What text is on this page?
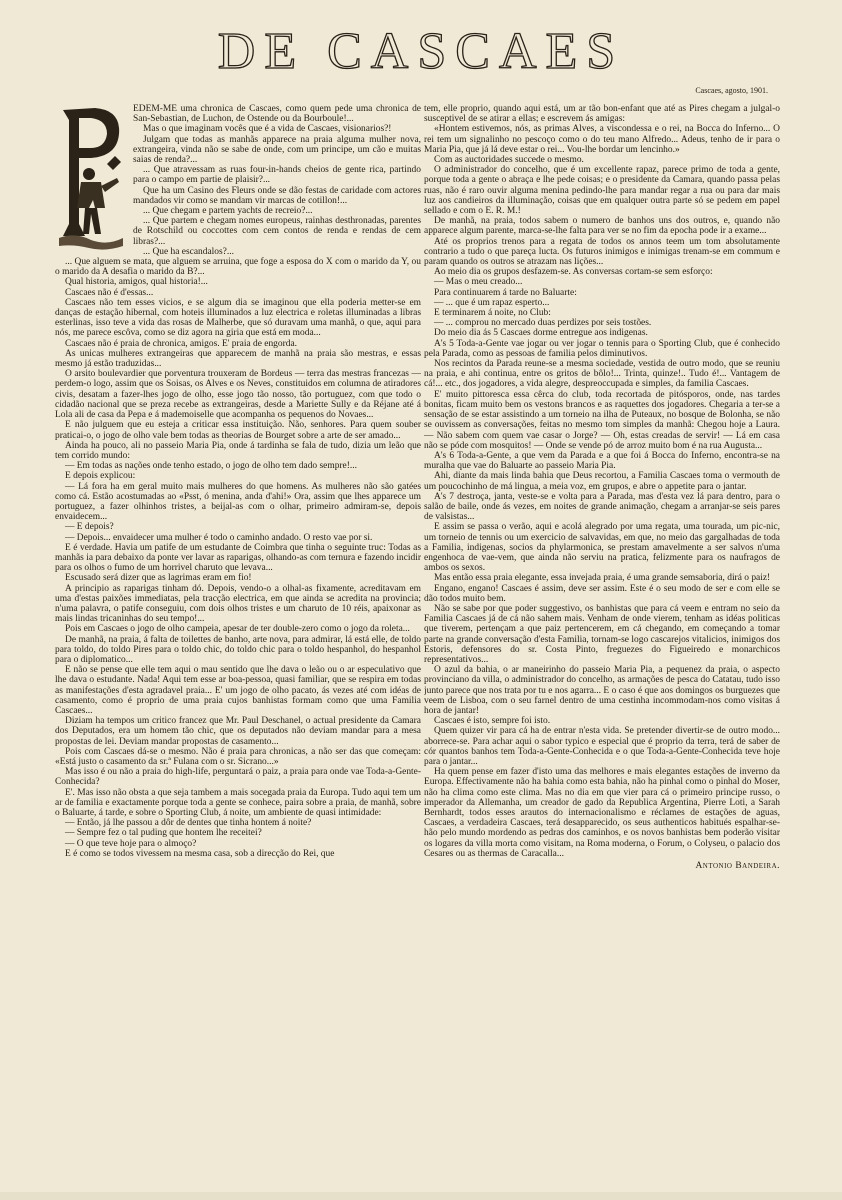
DE CASCAES
Cascaes, agosto, 1901.

EDEM-ME uma chronica de Cascaes, como quem pede uma chronica de San-Sebastian, de Luchon, de Ostende ou da Bourboule!...

Mas o que imaginam vocês que é a vida de Cascaes, visionarios?!

Julgam que todas as manhãs apparece na praia alguma mulher nova, extrangeira, vinda não se sabe de onde, com um principe, um cão e muitas saias de renda?...

... Que atravessam as ruas four-in-hands cheios de gente rica, partindo para o campo em partie de plaisir?...

Que ha um Casino des Fleurs onde se dão festas de caridade com actores mandados vir como se mandam vir marcas de cotillon!...

... Que chegam e partem yachts de recreio?...

... Que partem e chegam nomes europeus, rainhas desthronadas, parentes de Rotschild ou coccottes com cem contos de renda e rendas de cem libras?...

... Que ha escandalos?...

... Que alguem se mata, que alguem se arruina, que foge a esposa do X com o marido da Y, ou o marido da A desafia o marido da B?...

Qual historia, amigos, qual historia!...

Cascaes não é d'essas...

Cascaes não tem esses vicios, e se algum dia se imaginou que ella poderia metter-se em danças de estação hibernal, com hoteis illuminados a luz electrica e roletas illuminadas a libras esterlinas, isso teve a vida das rosas de Malherbe, que só duravam uma manhã, o que, aqui para nós, me parece escôva, como se diz agora na giria que está em moda...

Cascaes não é praia de chronica, amigos. E' praia de engorda.

As unicas mulheres extrangeiras que apparecem de manhã na praia são mestras, e essas mesmo já estão traduzidas...

O arsito boulevardier que porventura trouxeram de Bordeus — terra das mestras francezas — perdem-o logo, assim que os Soisas, os Alves e os Neves, constituidos em columna de atiradores civis, desatam a fazer-lhes jogo de olho, esse jogo tão nosso, tão portuguez, com que todo o cidadão nacional que se preza recebe as extrangeiras, desde a Mariette Sully e da Réjane até á Lola ali de casa da Pepa e á mademoiselle que acompanha os pequenos do Novaes...

E não julguem que eu esteja a criticar essa instituição. Não, senhores. Para quem souber praticai-o, o jogo de olho vale bem todas as theorias de Bourget sobre a arte de ser amado...

Ainda ha pouco, ali no passeio Maria Pia, onde á tardinha se fala de tudo, dizia um leão que tem corrido mundo:

— Em todas as nações onde tenho estado, o jogo de olho tem dado sempre!...

E depois explicou:

— Lá fora ha em geral muito mais mulheres do que homens. As mulheres não são gatées como cá. Estão acostumadas ao «Psst, ó menina, anda d'ahi!» Ora, assim que lhes apparece um portuguez, a fazer olhinhos tristes, a beijal-as com o olhar, primeiro admiram-se, depois envaidecem...

— E depois?

— Depois... envaidecer uma mulher é todo o caminho andado. O resto vae por si.

E é verdade. Havia um patife de um estudante de Coimbra que tinha o seguinte truc: Todas as manhãs ia para debaixo da ponte ver lavar as raparigas, olhando-as com ternura e fazendo incidir para os olhos o fumo de um horrivel charuto que levava...

Escusado será dizer que as lagrimas eram em fio!

A principio as raparigas tinham dó. Depois, vendo-o a olhal-as fixamente, acreditavam em uma d'estas paixões immediatas, pela tracção electrica, em que ainda se acredita na provincia; n'uma palavra, o patife conseguiu, com dois olhos tristes e um charuto de 10 réis, apaixonar as mais lindas tricaninhas do seu tempo!...

Pois em Cascaes o jogo de olho campeia, apesar de ter double-zero como o jogo da roleta...

De manhã, na praia, á falta de toilettes de banho, arte nova, para admirar, lá está elle, de toldo para toldo, do toldo Pires para o toldo chic, do toldo chic para o toldo hespanhol, do hespanhol para o diplomatico...

E não se pense que elle tem aqui o mau sentido que lhe dava o leão ou o ar especulativo que lhe dava o estudante. Nada! Aqui tem esse ar boa-pessoa, quasi familiar, que se respira em todas as manifestações d'esta agradavel praia... E' um jogo de olho pacato, ás vezes até com idéas de casamento, como é proprio de uma praia cujos banhistas formam como que uma Familia Cascaes...

Diziam ha tempos um critico francez que Mr. Paul Deschanel, o actual presidente da Camara dos Deputados, era um homem tão chic, que os deputados não deviam mandar para a mesa propostas de lei. Deviam mandar propostas de casamento...

Pois com Cascaes dá-se o mesmo. Não é praia para chronicas, a não ser das que começam: «Está justo o casamento da sr.ª Fulana com o sr. Sicrano...»

Mas isso é ou não a praia do high-life, perguntará o paiz, a praia para onde vae Toda-a-Gente-Conhecida?

E'. Mas isso não obsta a que seja tambem a mais socegada praia da Europa. Tudo aqui tem um ar de familia e exactamente porque toda a gente se conhece, paira sobre a praia, de manhã, sobre o Baluarte, á tarde, e sobre o Sporting Club, á noite, um ambiente de quasi intimidade:

— Então, já lhe passou a dôr de dentes que tinha hontem á noite?

— Sempre fez o tal puding que hontem lhe receitei?

— O que teve hoje para o almoço?

E é como se todos vivessem na mesma casa, sob a direcção do Rei, que

tem, elle proprio, quando aqui está, um ar tão bon-enfant que até as Pires chegam a julgal-o susceptivel de se atirar a ellas; e escrevem ás amigas:

«Hontem estivemos, nós, as primas Alves, a viscondessa e o rei, na Bocca do Inferno... O rei tem um signalinho no pescoço como o do teu mano Alfredo... Adeus, tenho de ir para o Maria Pia, que já lá deve estar o rei... Vou-lhe bordar um lencinho.»

Com as auctoridades succede o mesmo.

O administrador do concelho, que é um excellente rapaz, parece primo de toda a gente, porque toda a gente o abraça e lhe pede coisas; e o presidente da Camara, quando passa pelas ruas, não é raro ouvir alguma menina pedindo-lhe para mandar regar a rua ou para dar mais luz aos candieiros da illuminação, coisas que em qualquer outra parte só se pedem em papel sellado e com o E. R. M.!

De manhã, na praia, todos sabem o numero de banhos uns dos outros, e, quando não apparece algum parente, marca-se-lhe falta para ver se no fim da epocha pode ir a exame...

Até os proprios trenos para a regata de todos os annos teem um tom absolutamente contrario a tudo o que pareça lucta. Os futuros inimigos e inimigas trenam-se em commum e param quando os outros se atrazam nas lições...

Ao meio dia os grupos desfazem-se. As conversas cortam-se sem esforço:

— Mas o meu creado...

Para continuarem á tarde no Baluarte:

— ... que é um rapaz esperto...

E terminarem á noite, no Club:

— ... comprou no mercado duas perdizes por seis tostões.

Do meio dia ás 5 Cascaes dorme entregue aos indigenas.

A's 5 Toda-a-Gente vae jogar ou ver jogar o tennis para o Sporting Club, que é conhecido pela Parada, como as pessoas de familia pelos diminutivos.

Nos recintos da Parada reune-se a mesma sociedade, vestida de outro modo, que se reuniu na praia, e ahi continua, entre os gritos de bôlo!... Trinta, quinze!.. Tudo é!... Vantagem de cá!... etc., dos jogadores, a vida alegre, despreoccupada e simples, da familia Cascaes.

E' muito pittoresca essa cêrca do club, toda recortada de pitósporos, onde, nas tardes bonitas, ficam muito bem os vestons brancos e as raquettes dos jogadores. Chegaria a ter-se a sensação de se estar assistindo a um torneio na ilha de Puteaux, no bosque de Bolonha, se não se ouvissem as conversações, feitas no mesmo tom simples da manhã: Chegou hoje a Laura.— Não sabem com quem vae casar o Jorge? — Oh, estas creadas de servir! — Lá em casa não se póde com mosquitos! — Onde se vende pó de arroz muito bom é na rua Augusta...

A's 6 Toda-a-Gente, a que vem da Parada e a que foi á Bocca do Inferno, encontra-se na muralha que vae do Baluarte ao passeio Maria Pia.

Ahi, diante da mais linda bahia que Deus recortou, a Familia Cascaes toma o vermouth de um poucochinho de má lingua, a meia voz, em grupos, e abre o appetite para o jantar.

A's 7 destroça, janta, veste-se e volta para a Parada, mas d'esta vez lá para dentro, para o salão de baile, onde ás vezes, em noites de grande animação, chegam a arranjar-se seis pares de valsistas...

E assim se passa o verão, aqui e acolá alegrado por uma regata, uma tourada, um pic-nic, um torneio de tennis ou um exercicio de salvavidas, em que, no meio das gargalhadas de toda a Familia, indigenas, socios da phylarmonica, se prestam amavelmente a ser salvos n'uma engenhoca de vae-vem, que ainda não serviu na pratica, felizmente para os naufragos de ambos os sexos.

Mas então essa praia elegante, essa invejada praia, é uma grande semsaboria, dirá o paiz!

Engano, engano! Cascaes é assim, deve ser assim. Este é o seu modo de ser e com elle se dão todos muito bem.

Não se sabe por que poder suggestivo, os banhistas que para cá veem e entram no seio da Familia Cascaes já de cá não sahem mais. Venham de onde vierem, tenham as idéas politicas que tiverem, pertençam a que paiz pertencerem, em cá chegando, em começando a tomar parte na grande conversação d'esta Familia, tornam-se logo cascarejos vitalicios, inimigos dos Estoris, defensores do sr. Costa Pinto, freguezes do Figueiredo e monarchicos representativos...

O azul da bahia, o ar maneirinho do passeio Maria Pia, a pequenez da praia, o aspecto provinciano da villa, o administrador do concelho, as armações de pesca do Catatau, tudo isso junto parece que nos trata por tu e nos agarra... E o caso é que aos domingos os burguezes que veem de Lisboa, com o seu farnel dentro de uma cestinha incommodam-nos como visitas á hora de jantar!

Cascaes é isto, sempre foi isto.

Quem quizer vir para cá ha de entrar n'esta vida. Se pretender divertir-se de outro modo... aborrece-se. Para achar aqui o sabor typico e especial que é proprio da terra, terá de saber de cór quantos banhos tem Toda-a-Gente-Conhecida e o que Toda-a-Gente-Conhecida teve hoje para o jantar...

Ha quem pense em fazer d'isto uma das melhores e mais elegantes estações de inverno da Europa. Effectivamente não ha bahia como esta bahia, não ha pinhal como o pinhal do Moser, não ha clima como este clima. Mas no dia em que vier para cá o primeiro principe russo, o imperador da Allemanha, um creador de gado da Republica Argentina, Pierre Loti, a Sarah Bernhardt, todos esses arautos do internacionalismo e réclames de estações de aguas, Cascaes, a verdadeira Cascaes, terá desapparecido, os seus authenticos habitués espalhar-se-hão pelo mundo mordendo as pedras dos caminhos, e os novos banhistas bem poderão visitar os logares da villa morta como visitam, na Roma moderna, o Forum, o Colyseu, o palacio dos Cesares ou as thermas de Caracalla...

Antonio Bandeira.
